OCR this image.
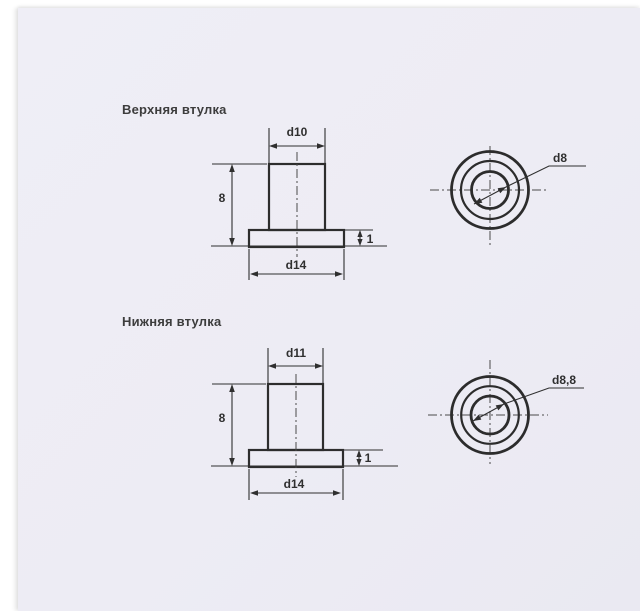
Верхняя втулка
Нижняя втулка
d10
8
1
d14
d8
d11
8
1
d14
d8,8
